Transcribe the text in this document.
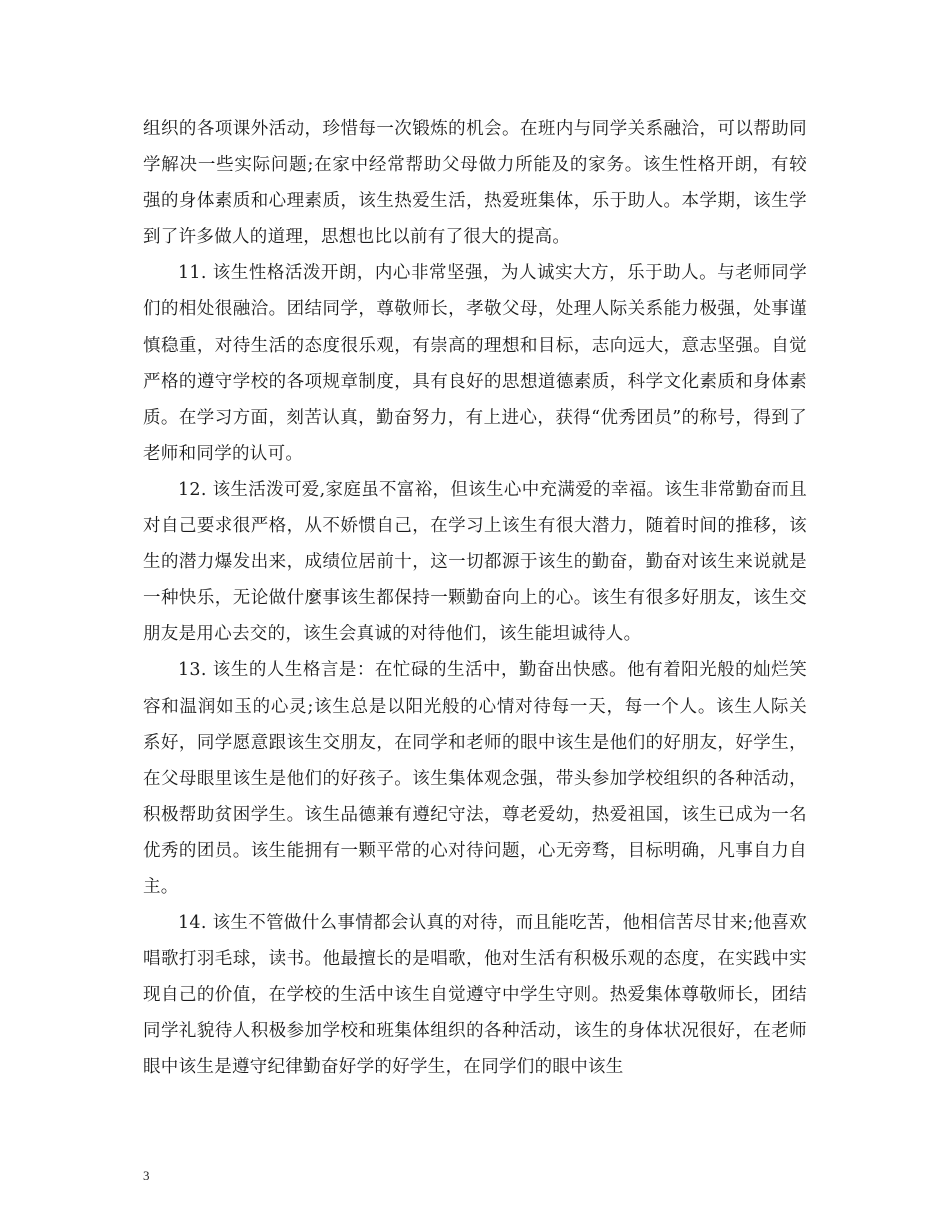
组织的各项课外活动，珍惜每一次锻炼的机会。在班内与同学关系融洽，可以帮助同学解决一些实际问题;在家中经常帮助父母做力所能及的家务。该生性格开朗，有较强的身体素质和心理素质，该生热爱生活，热爱班集体，乐于助人。本学期，该生学到了许多做人的道理，思想也比以前有了很大的提高。

11. 该生性格活泼开朗，内心非常坚强，为人诚实大方，乐于助人。与老师同学们的相处很融洽。团结同学，尊敬师长，孝敬父母，处理人际关系能力极强，处事谨慎稳重，对待生活的态度很乐观，有崇高的理想和目标，志向远大，意志坚强。自觉严格的遵守学校的各项规章制度，具有良好的思想道德素质，科学文化素质和身体素质。在学习方面，刻苦认真，勤奋努力，有上进心，获得“优秀团员”的称号，得到了老师和同学的认可。

12. 该生活泼可爱,家庭虽不富裕，但该生心中充满爱的幸福。该生非常勤奋而且对自己要求很严格，从不娇惯自己，在学习上该生有很大潜力，随着时间的推移，该生的潜力爆发出来，成绩位居前十，这一切都源于该生的勤奋，勤奋对该生来说就是一种快乐，无论做什麼事该生都保持一颗勤奋向上的心。该生有很多好朋友，该生交朋友是用心去交的，该生会真诚的对待他们，该生能坦诚待人。

13. 该生的人生格言是：在忙碌的生活中，勤奋出快感。他有着阳光般的灿烂笑容和温润如玉的心灵;该生总是以阳光般的心情对待每一天，每一个人。该生人际关系好，同学愿意跟该生交朋友，在同学和老师的眼中该生是他们的好朋友，好学生，在父母眼里该生是他们的好孩子。该生集体观念强，带头参加学校组织的各种活动，积极帮助贫困学生。该生品德兼有遵纪守法，尊老爱幼，热爱祖国，该生已成为一名优秀的团员。该生能拥有一颗平常的心对待问题，心无旁骛，目标明确，凡事自力自主。

14. 该生不管做什么事情都会认真的对待，而且能吃苦，他相信苦尽甘来;他喜欢唱歌打羽毛球，读书。他最擅长的是唱歌，他对生活有积极乐观的态度，在实践中实现自己的价值，在学校的生活中该生自觉遵守中学生守则。热爱集体尊敬师长，团结同学礼貌待人积极参加学校和班集体组织的各种活动，该生的身体状况很好，在老师眼中该生是遵守纪律勤奋好学的好学生，在同学们的眼中该生

3
